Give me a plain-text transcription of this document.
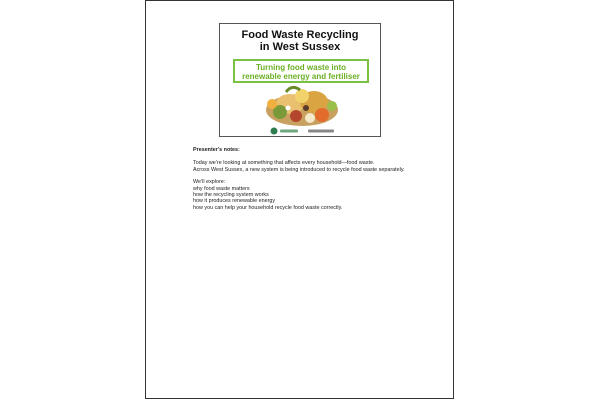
Food Waste Recycling
in West Sussex
Turning food waste into
renewable energy and fertiliser
Presenter's notes:
Today we’re looking at something that affects every household—food waste.
Across West Sussex, a new system is being introduced to recycle food waste separately.
We’ll explore:
why food waste matters
how the recycling system works
how it produces renewable energy
how you can help your household recycle food waste correctly.
